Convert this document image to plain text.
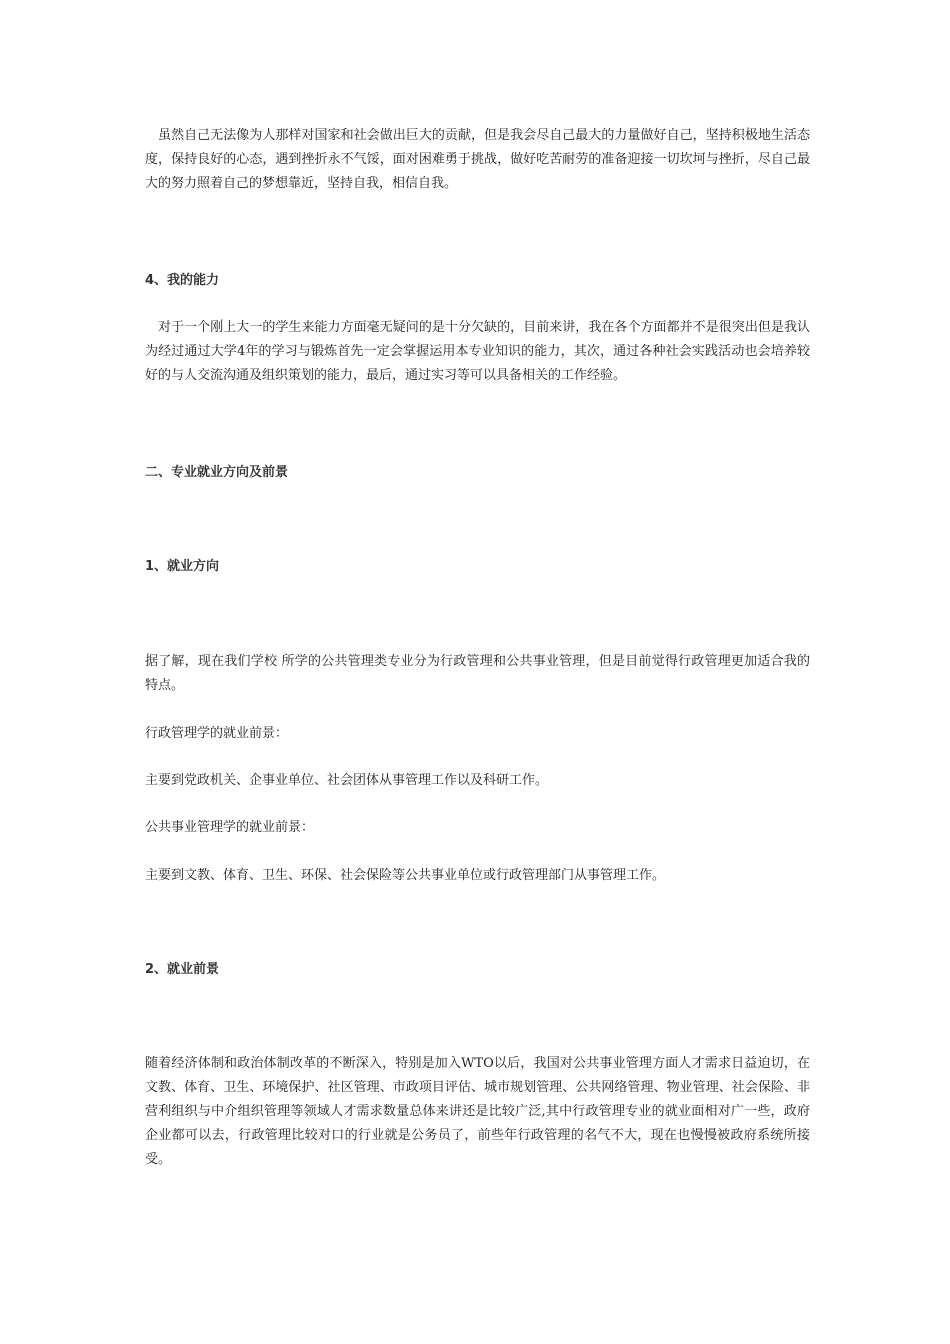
　虽然自己无法像为人那样对国家和社会做出巨大的贡献，但是我会尽自己最大的力量做好自己，坚持积极地生活态度，保持良好的心态，遇到挫折永不气馁，面对困难勇于挑战，做好吃苦耐劳的准备迎接一切坎坷与挫折，尽自己最大的努力照着自己的梦想靠近，坚持自我，相信自我。

4、我的能力

　对于一个刚上大一的学生来能力方面毫无疑问的是十分欠缺的，目前来讲，我在各个方面都并不是很突出但是我认为经过通过大学4年的学习与锻炼首先一定会掌握运用本专业知识的能力，其次，通过各种社会实践活动也会培养较好的与人交流沟通及组织策划的能力，最后，通过实习等可以具备相关的工作经验。

二、专业就业方向及前景
1、就业方向

据了解，现在我们学校 所学的公共管理类专业分为行政管理和公共事业管理，但是目前觉得行政管理更加适合我的特点。

行政管理学的就业前景：
主要到党政机关、企事业单位、社会团体从事管理工作以及科研工作。
公共事业管理学的就业前景：
主要到文教、体育、卫生、环保、社会保险等公共事业单位或行政管理部门从事管理工作。
2、就业前景

随着经济体制和政治体制改革的不断深入，特别是加入WTO以后，我国对公共事业管理方面人才需求日益迫切，在文教、体育、卫生、环境保护、社区管理、市政项目评估、城市规划管理、公共网络管理、物业管理、社会保险、非营利组织与中介组织管理等领域人才需求数量总体来讲还是比较广泛,其中行政管理专业的就业面相对广一些，政府企业都可以去，行政管理比较对口的行业就是公务员了，前些年行政管理的名气不大，现在也慢慢被政府系统所接受。
